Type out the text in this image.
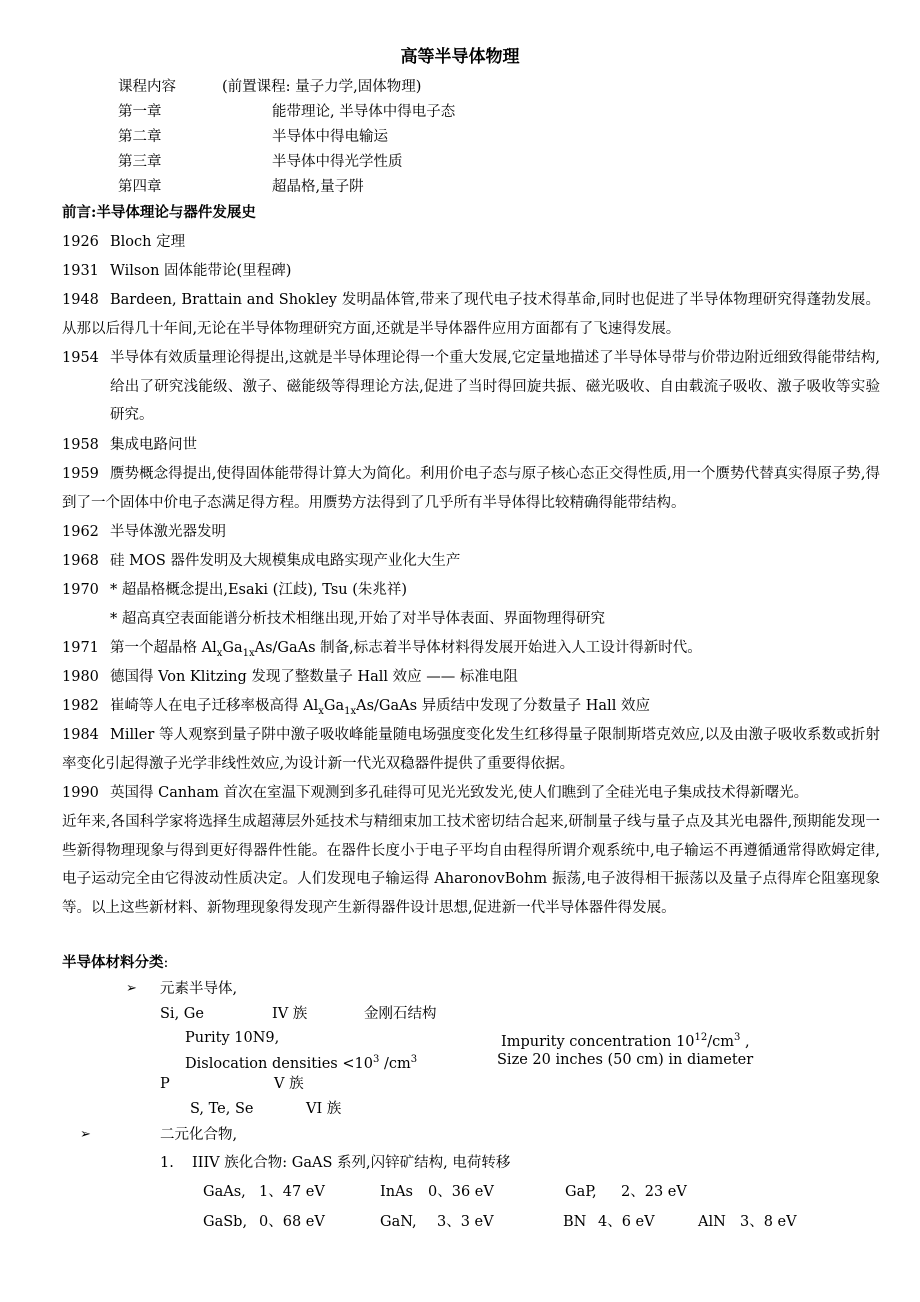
高等半导体物理
课程内容	(前置课程: 量子力学,固体物理)
第一章	能带理论, 半导体中得电子态
第二章	半导体中得电输运
第三章	半导体中得光学性质
第四章	超晶格,量子阱
前言:半导体理论与器件发展史
1926 Bloch 定理
1931 Wilson 固体能带论(里程碑)
1948 Bardeen, Brattain and Shokley 发明晶体管,带来了现代电子技术得革命,同时也促进了半导体物理研究得蓬勃发展。从那以后得几十年间,无论在半导体物理研究方面,还就是半导体器件应用方面都有了飞速得发展。
1954 半导体有效质量理论得提出,这就是半导体理论得一个重大发展,它定量地描述了半导体导带与价带边附近细致得能带结构,给出了研究浅能级、激子、磁能级等得理论方法,促进了当时得回旋共振、磁光吸收、自由载流子吸收、激子吸收等实验研究。
1958 集成电路问世
1959 赝势概念得提出,使得固体能带得计算大为简化。利用价电子态与原子核心态正交得性质,用一个赝势代替真实得原子势,得到了一个固体中价电子态满足得方程。用赝势方法得到了几乎所有半导体得比较精确得能带结构。
1962 半导体激光器发明
1968 硅 MOS 器件发明及大规模集成电路实现产业化大生产
1970 * 超晶格概念提出,Esaki (江歧), Tsu (朱兆祥)
* 超高真空表面能谱分析技术相继出现,开始了对半导体表面、界面物理得研究
1971 第一个超晶格 $Al_xGa_{1x}As$/GaAs 制备,标志着半导体材料得发展开始进入人工设计得新时代。
1980 德国得 Von Klitzing 发现了整数量子 Hall 效应 —— 标准电阻
1982 崔崎等人在电子迁移率极高得 $Al_xGa_{1x}As$/GaAs 异质结中发现了分数量子 Hall 效应
1984 Miller 等人观察到量子阱中激子吸收峰能量随电场强度变化发生红移得量子限制斯塔克效应,以及由激子吸收系数或折射率变化引起得激子光学非线性效应,为设计新一代光双稳器件提供了重要得依据。
1990 英国得 Canham 首次在室温下观测到多孔硅得可见光光致发光,使人们瞧到了全硅光电子集成技术得新曙光。
近年来,各国科学家将选择生成超薄层外延技术与精细束加工技术密切结合起来,研制量子线与量子点及其光电器件,预期能发现一些新得物理现象与得到更好得器件性能。在器件长度小于电子平均自由程得所谓介观系统中,电子输运不再遵循通常得欧姆定律,电子运动完全由它得波动性质决定。人们发现电子输运得 AharonovBohm 振荡,电子波得相干振荡以及量子点得库仑阻塞现象等。以上这些新材料、新物理现象得发现产生新得器件设计思想,促进新一代半导体器件得发展。
半导体材料分类:
➢ 元素半导体,
Si, Ge	IV 族	金刚石结构
Purity 10N9,	Impurity concentration $10^{12}/cm^3$ ,
Dislocation densities $<10^3$ $/cm^3$	Size 20 inches (50 cm) in diameter
P	V 族
S, Te, Se	VI 族
➢	二元化合物,
1. IIIV 族化合物: GaAS 系列,闪锌矿结构, 电荷转移
GaAs, 1、47 eV	InAs 0、36 eV	GaP, 2、23 eV
GaSb, 0、68 eV	GaN, 3、3 eV	BN 4、6 eV	AlN 3、8 eV
